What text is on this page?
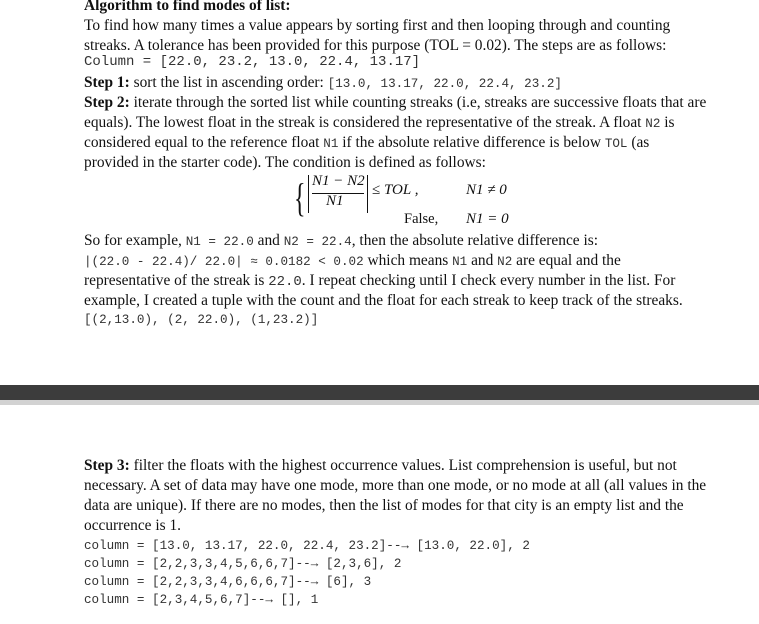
Algorithm to find modes of list:
To find how many times a value appears by sorting first and then looping through and counting
streaks. A tolerance has been provided for this purpose (TOL = 0.02). The steps are as follows:
Column = [22.0, 23.2, 13.0, 22.4, 13.17]
Step 1: sort the list in ascending order: [13.0, 13.17, 22.0, 22.4, 23.2]
Step 2: iterate through the sorted list while counting streaks (i.e, streaks are successive floats that are
equals). The lowest float in the streak is considered the representative of the streak. A float N2 is
considered equal to the reference float N1 if the absolute relative difference is below TOL (as
provided in the starter code). The condition is defined as follows:
{ N1 − N2
N1
≤ TOL ,	N1 ≠ 0
False, N1 = 0
So for example, N1 = 22.0 and N2 = 22.4, then the absolute relative difference is:
|(22.0 - 22.4)/ 22.0| ≈ 0.0182 < 0.02 which means N1 and N2 are equal and the
representative of the streak is 22.0. I repeat checking until I check every number in the list. For
example, I created a tuple with the count and the float for each streak to keep track of the streaks.
[(2,13.0), (2, 22.0), (1,23.2)]
Step 3: filter the floats with the highest occurrence values. List comprehension is useful, but not
necessary. A set of data may have one mode, more than one mode, or no mode at all (all values in the
data are unique). If there are no modes, then the list of modes for that city is an empty list and the
occurrence is 1.
column = [13.0, 13.17, 22.0, 22.4, 23.2]--→ [13.0, 22.0], 2
column = [2,2,3,3,4,5,6,6,7]--→ [2,3,6], 2
column = [2,2,3,3,4,6,6,6,7]--→ [6], 3
column = [2,3,4,5,6,7]--→ [], 1
